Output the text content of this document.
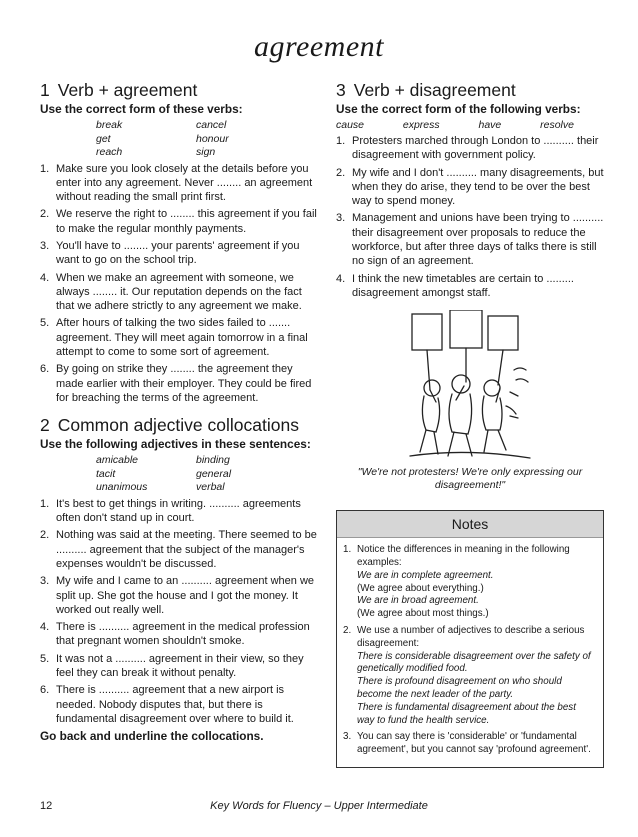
agreement
1 Verb + agreement
Use the correct form of these verbs:
break	cancel
get	honour
reach	sign
1. Make sure you look closely at the details before you enter into any agreement. Never ........ an agreement without reading the small print first.
2. We reserve the right to ........ this agreement if you fail to make the regular monthly payments.
3. You'll have to ........ your parents' agreement if you want to go on the school trip.
4. When we make an agreement with someone, we always ........ it. Our reputation depends on the fact that we adhere strictly to any agreement we make.
5. After hours of talking the two sides failed to ....... agreement. They will meet again tomorrow in a final attempt to come to some sort of agreement.
6. By going on strike they ........ the agreement they made earlier with their employer. They could be fired for breaching the terms of the agreement.
2 Common adjective collocations
Use the following adjectives in these sentences:
amicable	binding
tacit	general
unanimous	verbal
1. It's best to get things in writing. .......... agreements often don't stand up in court.
2. Nothing was said at the meeting. There seemed to be .......... agreement that the subject of the manager's expenses wouldn't be discussed.
3. My wife and I came to an .......... agreement when we split up. She got the house and I got the money. It worked out really well.
4. There is .......... agreement in the medical profession that pregnant women shouldn't smoke.
5. It was not a .......... agreement in their view, so they feel they can break it without penalty.
6. There is .......... agreement that a new airport is needed. Nobody disputes that, but there is fundamental disagreement over where to build it.
Go back and underline the collocations.
3 Verb + disagreement
Use the correct form of the following verbs:
cause	express	have	resolve
1. Protesters marched through London to .......... their disagreement with government policy.
2. My wife and I don't .......... many disagreements, but when they do arise, they tend to be over the best way to spend money.
3. Management and unions have been trying to .......... their disagreement over proposals to reduce the workforce, but after three days of talks there is still no sign of an agreement.
4. I think the new timetables are certain to ......... disagreement amongst staff.
"We're not protesters! We're only expressing our disagreement!"
Notes
1. Notice the differences in meaning in the following examples:
We are in complete agreement.
(We agree about everything.)
We are in broad agreement.
(We agree about most things.)
2. We use a number of adjectives to describe a serious disagreement:
There is considerable disagreement over the safety of genetically modified food.
There is profound disagreement on who should become the next leader of the party.
There is fundamental disagreement about the best way to fund the health service.
3. You can say there is 'considerable' or 'fundamental agreement', but you cannot say 'profound agreement'.
12	Key Words for Fluency – Upper Intermediate
